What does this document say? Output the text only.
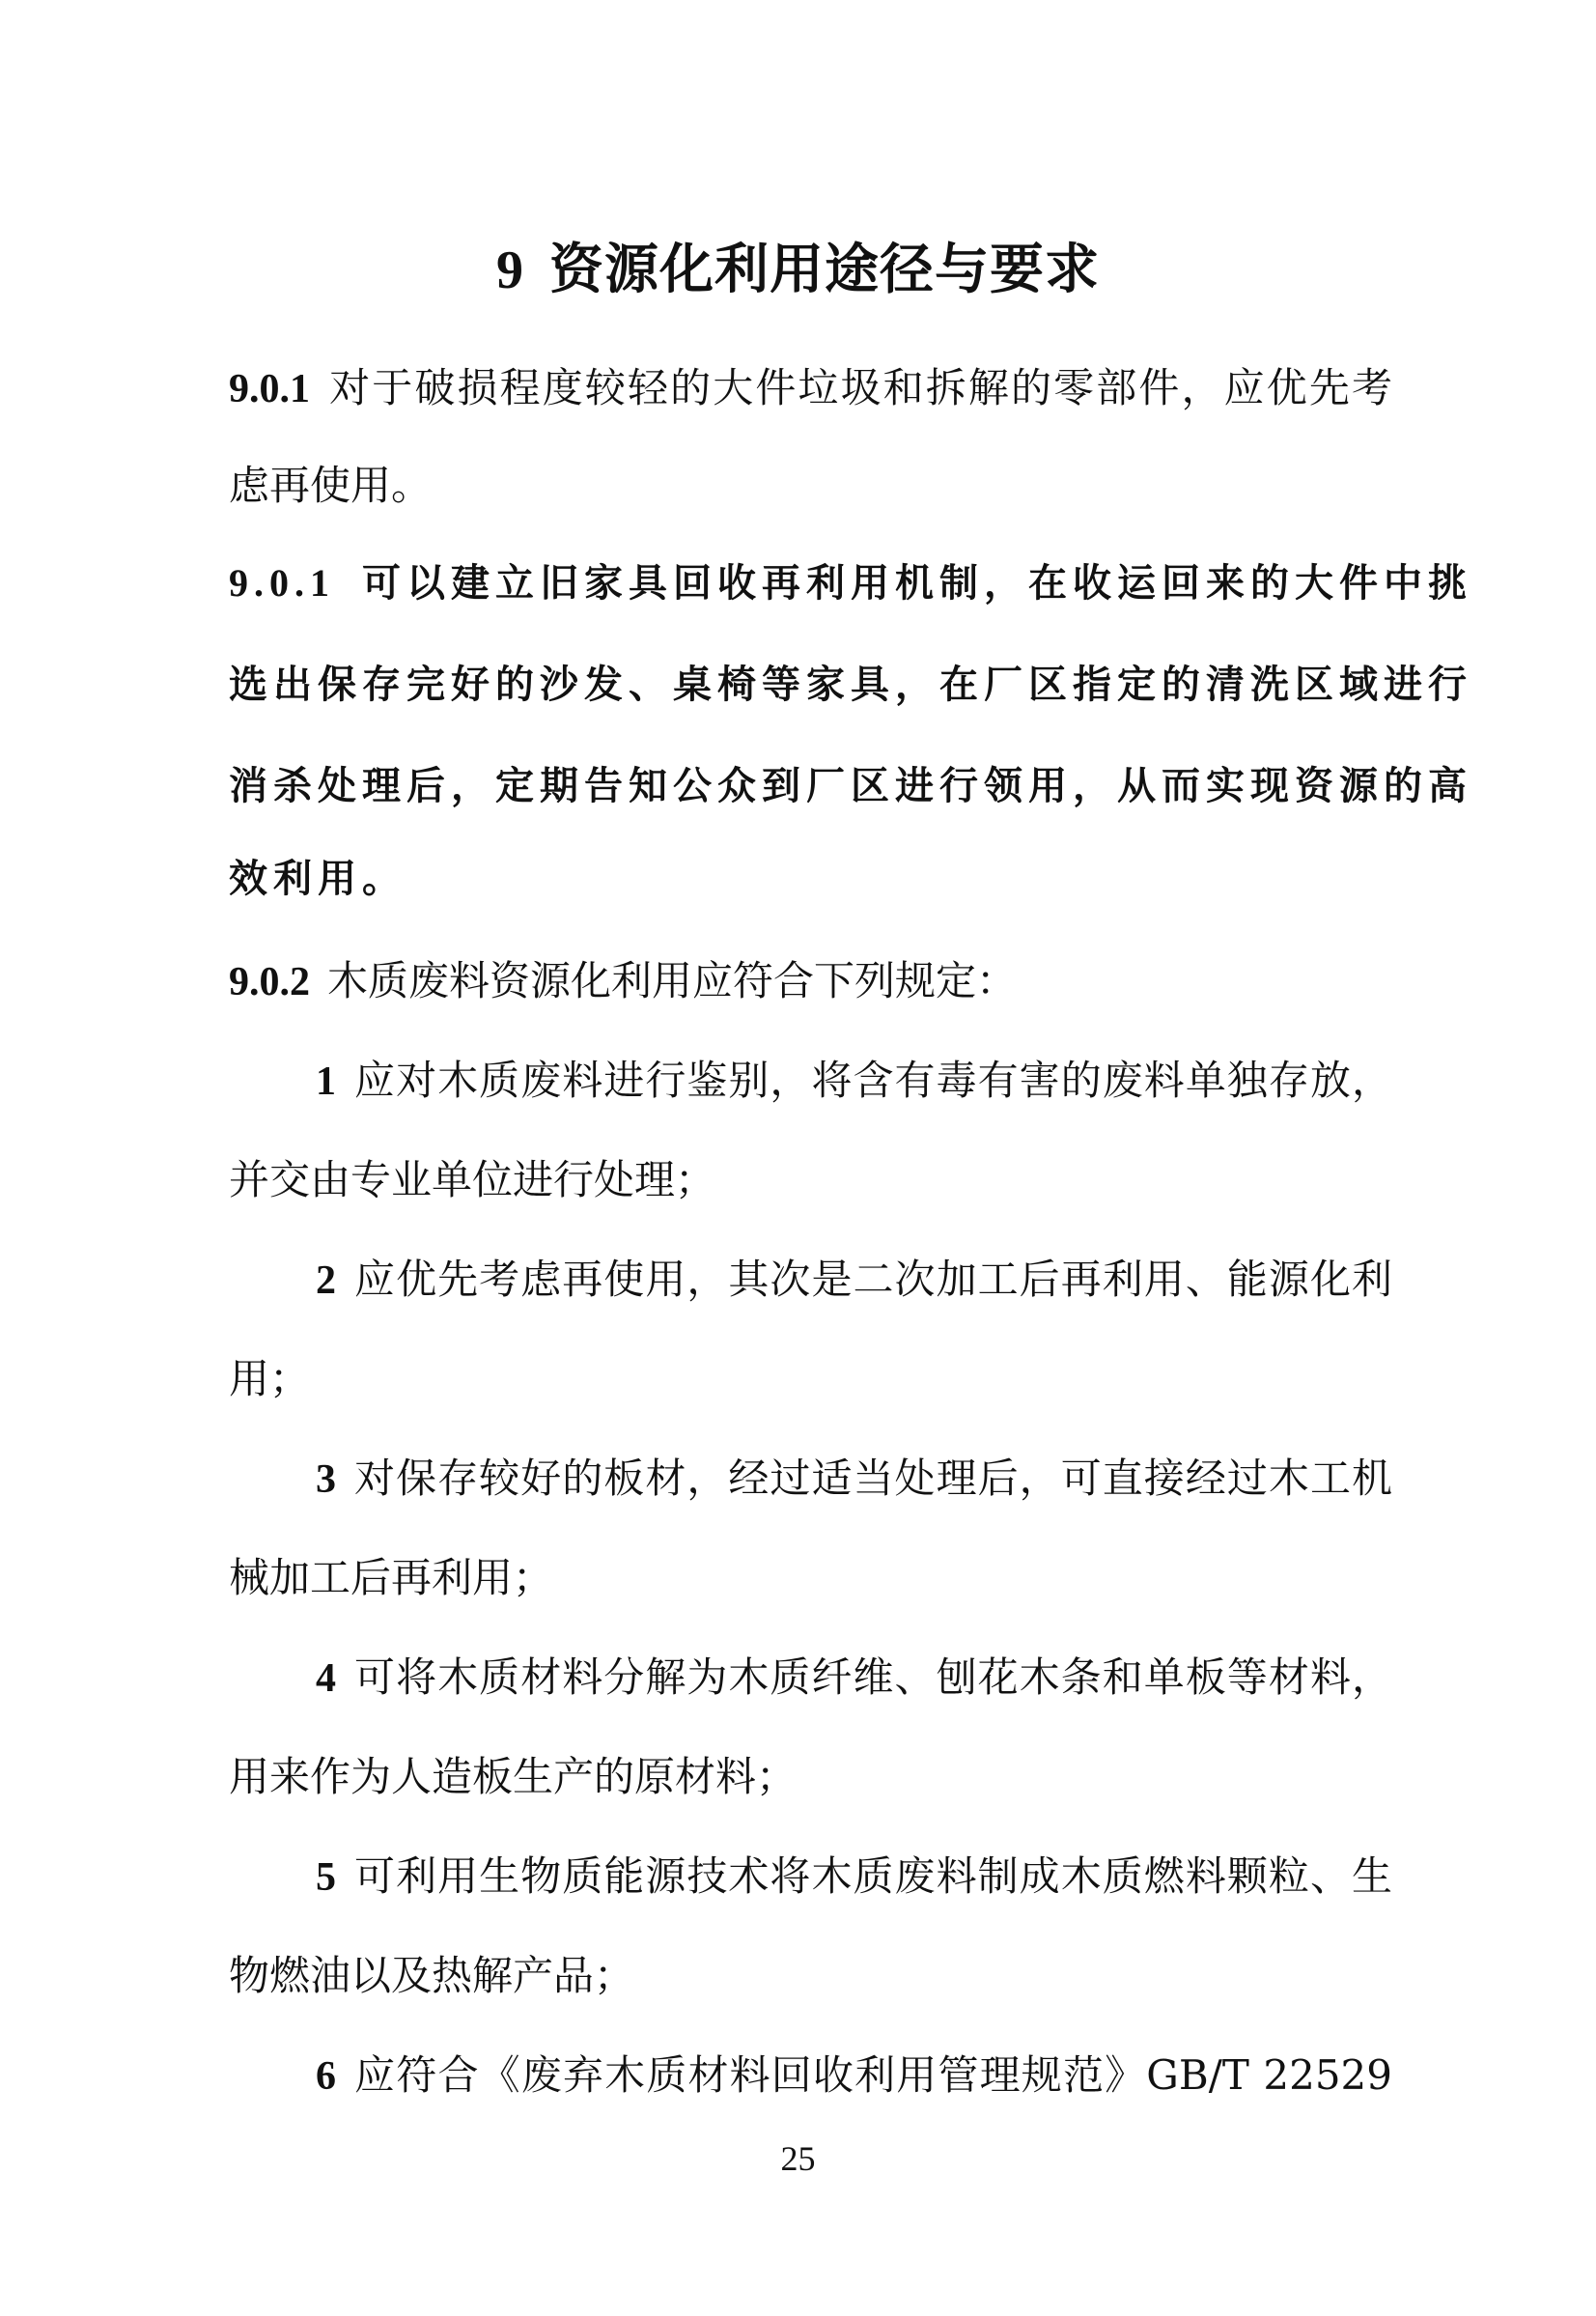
9 资源化利用途径与要求
9.0.1 对于破损程度较轻的大件垃圾和拆解的零部件，应优先考
虑再使用。
9.0.1 可以建立旧家具回收再利用机制，在收运回来的大件中挑
选出保存完好的沙发、桌椅等家具，在厂区指定的清洗区域进行
消杀处理后，定期告知公众到厂区进行领用，从而实现资源的高
效利用。
9.0.2 木质废料资源化利用应符合下列规定：
1 应对木质废料进行鉴别，将含有毒有害的废料单独存放，
并交由专业单位进行处理；
2 应优先考虑再使用，其次是二次加工后再利用、能源化利
用；
3 对保存较好的板材，经过适当处理后，可直接经过木工机
械加工后再利用；
4 可将木质材料分解为木质纤维、刨花木条和单板等材料，
用来作为人造板生产的原材料；
5 可利用生物质能源技术将木质废料制成木质燃料颗粒、生
物燃油以及热解产品；
6 应符合《废弃木质材料回收利用管理规范》GB/T 22529
25
